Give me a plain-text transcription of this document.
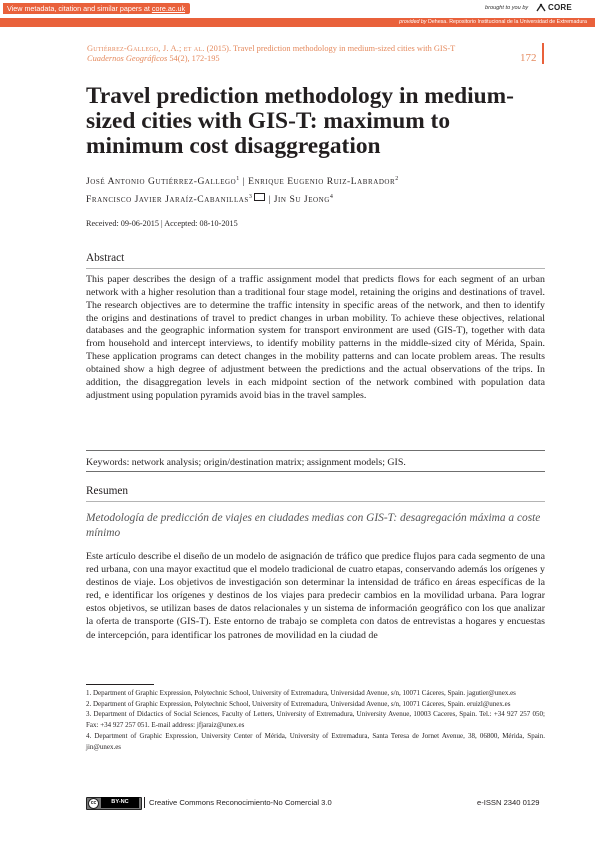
View metadata, citation and similar papers at core.ac.uk	brought to you by CORE
provided by Dehesa. Repositorio Institucional de la Universidad de Extremadura
Gutiérrez-Gallego, J. A.; et al. (2015). Travel prediction methodology in medium-sized cities with GIS-T
Cuadernos Geográficos 54(2), 172-195	172
Travel prediction methodology in medium-sized cities with GIS-T: maximum to minimum cost disaggregation
José Antonio Gutiérrez-Gallego$^1$ | Enrique Eugenio Ruiz-Labrador$^2$
Francisco Javier Jaraíz-Cabanillas$^3$ | Jin Su Jeong$^4$
Received: 09-06-2015 | Accepted: 08-10-2015
Abstract
This paper describes the design of a traffic assignment model that predicts flows for each segment of an urban network with a higher resolution than a traditional four stage model, retaining the origins and destinations of travel. The research objectives are to determine the traffic intensity in specific areas of the network, and then to identify the origins and destinations of travel to predict changes in urban mobility. To achieve these objectives, relational databases and the geographic information system for transport environment are used (GIS-T), together with data from household and intercept interviews, to identify mobility patterns in the middle-sized city of Mérida, Spain. These application programs can detect changes in the mobility patterns and can locate problem areas. The results obtained show a high degree of adjustment between the predictions and the actual observations of the trips. In addition, the disaggregation levels in each midpoint section of the network combined with population data adjustment using population pyramids avoid bias in the travel samples.
Keywords: network analysis; origin/destination matrix; assignment models; GIS.
Resumen
Metodología de predicción de viajes en ciudades medias con GIS-T: desagregación máxima a coste mínimo
Este artículo describe el diseño de un modelo de asignación de tráfico que predice flujos para cada segmento de una red urbana, con una mayor exactitud que el modelo tradicional de cuatro etapas, conservando además los orígenes y destinos de viaje. Los objetivos de investigación son determinar la intensidad de tráfico en áreas específicas de la red, e identificar los orígenes y destinos de los viajes para predecir cambios en la movilidad urbana. Para lograr estos objetivos, se utilizan bases de datos relacionales y un sistema de información geográfico con los que analizar la oferta de transporte (GIS-T). Este entorno de trabajo se completa con datos de entrevistas a hogares y encuestas de intercepción, para identificar los patrones de movilidad en la ciudad de
1. Department of Graphic Expression, Polytechnic School, University of Extremadura, Universidad Avenue, s/n, 10071 Cáceres, Spain. jagutier@unex.es
2. Department of Graphic Expression, Polytechnic School, University of Extremadura, Universidad Avenue, s/n, 10071 Cáceres, Spain. eruizl@unex.es
3. Department of Didactics of Social Sciences, Faculty of Letters, University of Extremadura, University Avenue, 10003 Caceres, Spain. Tel.: +34 927 257 050; Fax: +34 927 257 051. E-mail address: jfjaraiz@unex.es
4. Department of Graphic Expression, University Center of Mérida, University of Extremadura, Santa Teresa de Jornet Avenue, 38, 06800, Mérida, Spain. jin@unex.es
cc	BY-NC	Creative Commons Reconocimiento-No Comercial 3.0	e-ISSN 2340 0129
